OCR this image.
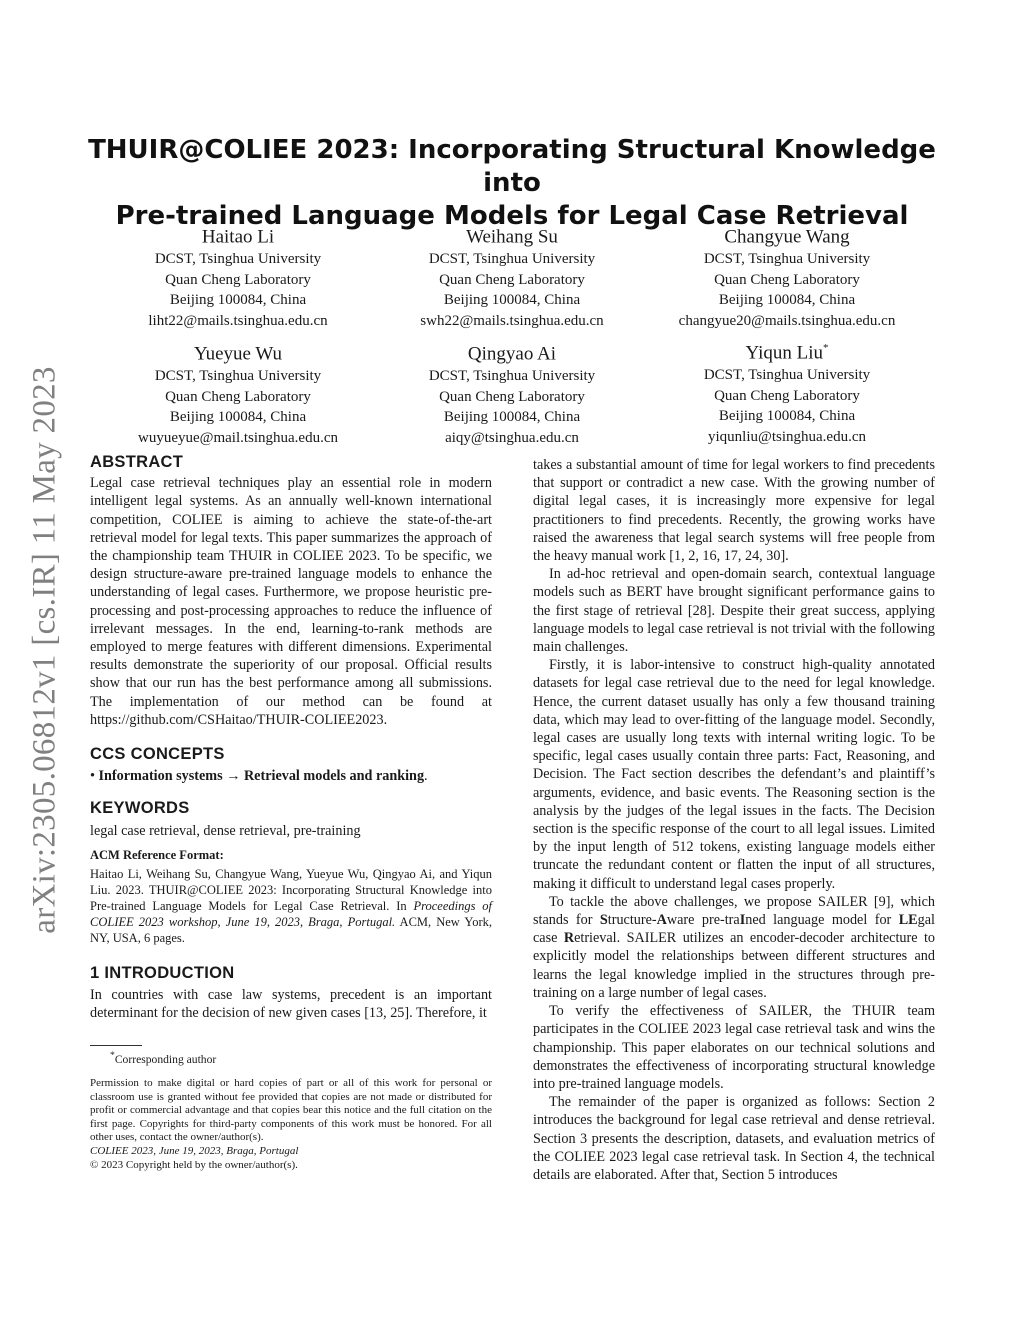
arXiv:2305.06812v1 [cs.IR] 11 May 2023
THUIR@COLIEE 2023: Incorporating Structural Knowledge into
Pre-trained Language Models for Legal Case Retrieval
Haitao Li
DCST, Tsinghua University
Quan Cheng Laboratory
Beijing 100084, China
liht22@mails.tsinghua.edu.cn
Weihang Su
DCST, Tsinghua University
Quan Cheng Laboratory
Beijing 100084, China
swh22@mails.tsinghua.edu.cn
Changyue Wang
DCST, Tsinghua University
Quan Cheng Laboratory
Beijing 100084, China
changyue20@mails.tsinghua.edu.cn
Yueyue Wu
DCST, Tsinghua University
Quan Cheng Laboratory
Beijing 100084, China
wuyueyue@mail.tsinghua.edu.cn
Qingyao Ai
DCST, Tsinghua University
Quan Cheng Laboratory
Beijing 100084, China
aiqy@tsinghua.edu.cn
Yiqun Liu*
DCST, Tsinghua University
Quan Cheng Laboratory
Beijing 100084, China
yiqunliu@tsinghua.edu.cn
ABSTRACT

Legal case retrieval techniques play an essential role in modern intelligent legal systems. As an annually well-known international competition, COLIEE is aiming to achieve the state-of-the-art retrieval model for legal texts. This paper summarizes the approach of the championship team THUIR in COLIEE 2023. To be specific, we design structure-aware pre-trained language models to enhance the understanding of legal cases. Furthermore, we propose heuristic pre-processing and post-processing approaches to reduce the influence of irrelevant messages. In the end, learning-to-rank methods are employed to merge features with different dimensions. Experimental results demonstrate the superiority of our proposal. Official results show that our run has the best performance among all submissions. The implementation of our method can be found at https://github.com/CSHaitao/THUIR-COLIEE2023.

CCS CONCEPTS

• Information systems → Retrieval models and ranking.

KEYWORDS

legal case retrieval, dense retrieval, pre-training

ACM Reference Format:
Haitao Li, Weihang Su, Changyue Wang, Yueyue Wu, Qingyao Ai, and Yiqun Liu. 2023. THUIR@COLIEE 2023: Incorporating Structural Knowledge into Pre-trained Language Models for Legal Case Retrieval. In Proceedings of COLIEE 2023 workshop, June 19, 2023, Braga, Portugal. ACM, New York, NY, USA, 6 pages.
1 INTRODUCTION

In countries with case law systems, precedent is an important determinant for the decision of new given cases [13, 25]. Therefore, it

*Corresponding author

Permission to make digital or hard copies of part or all of this work for personal or classroom use is granted without fee provided that copies are not made or distributed for profit or commercial advantage and that copies bear this notice and the full citation on the first page. Copyrights for third-party components of this work must be honored. For all other uses, contact the owner/author(s).

COLIEE 2023, June 19, 2023, Braga, Portugal

© 2023 Copyright held by the owner/author(s).

takes a substantial amount of time for legal workers to find precedents that support or contradict a new case. With the growing number of digital legal cases, it is increasingly more expensive for legal practitioners to find precedents. Recently, the growing works have raised the awareness that legal search systems will free people from the heavy manual work [1, 2, 16, 17, 24, 30].

In ad-hoc retrieval and open-domain search, contextual language models such as BERT have brought significant performance gains to the first stage of retrieval [28]. Despite their great success, applying language models to legal case retrieval is not trivial with the following main challenges.

Firstly, it is labor-intensive to construct high-quality annotated datasets for legal case retrieval due to the need for legal knowledge. Hence, the current dataset usually has only a few thousand training data, which may lead to over-fitting of the language model. Secondly, legal cases are usually long texts with internal writing logic. To be specific, legal cases usually contain three parts: Fact, Reasoning, and Decision. The Fact section describes the defendant’s and plaintiff’s arguments, evidence, and basic events. The Reasoning section is the analysis by the judges of the legal issues in the facts. The Decision section is the specific response of the court to all legal issues. Limited by the input length of 512 tokens, existing language models either truncate the redundant content or flatten the input of all structures, making it difficult to understand legal cases properly.

To tackle the above challenges, we propose SAILER [9], which stands for Structure-Aware pre-traIned language model for LEgal case Retrieval. SAILER utilizes an encoder-decoder architecture to explicitly model the relationships between different structures and learns the legal knowledge implied in the structures through pre-training on a large number of legal cases.

To verify the effectiveness of SAILER, the THUIR team participates in the COLIEE 2023 legal case retrieval task and wins the championship. This paper elaborates on our technical solutions and demonstrates the effectiveness of incorporating structural knowledge into pre-trained language models.

The remainder of the paper is organized as follows: Section 2 introduces the background for legal case retrieval and dense retrieval. Section 3 presents the description, datasets, and evaluation metrics of the COLIEE 2023 legal case retrieval task. In Section 4, the technical details are elaborated. After that, Section 5 introduces
